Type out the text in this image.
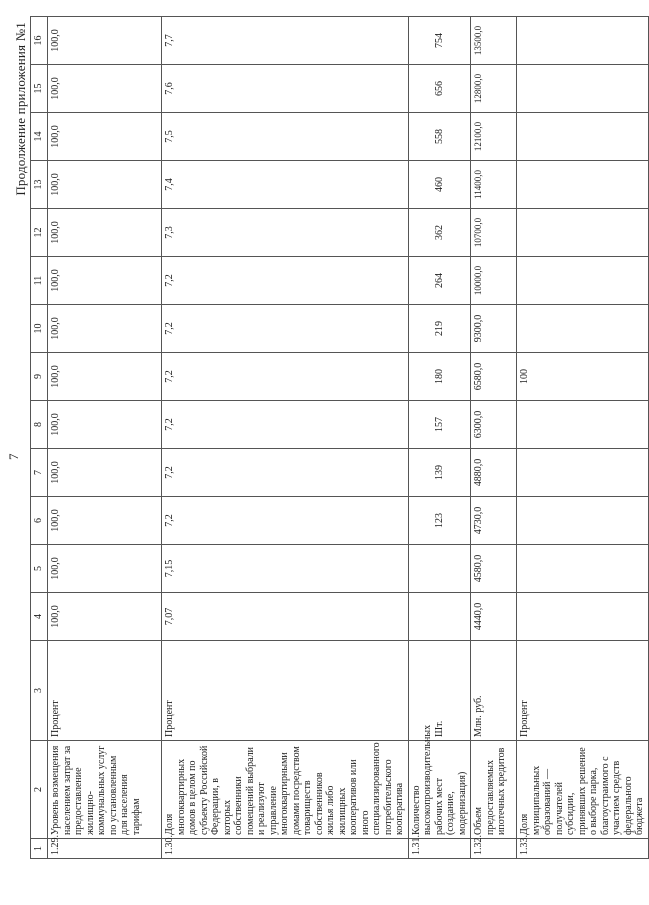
7
Продолжение приложения №1
1	2	3	4	5	6	7	8	9	10	11	12	13	14	15	16
1.29.	Уровень возмещения населением затрат за предоставление жилищно-коммунальных услуг по установленным для населения тарифам	Процент	100,0	100,0	100,0	100,0	100,0	100,0	100,0	100,0	100,0	100,0	100,0	100,0	100,0
1.30.	Доля многоквартирных домов в целом по субъекту Российской Федерации, в которых собственники помещений выбрали и реализуют управление многоквартирными домами посредством товариществ собственников жилья либо жилищных кооперативов или иного специализированного потребительского кооператива	Процент	7,07	7,15	7,2	7,2	7,2	7,2	7,2	7,2	7,3	7,4	7,5	7,6	7,7
1.31.	Количество высокопроизводительных рабочих мест (создание, модернизация)	Шт.			123	139	157	180	219	264	362	460	558	656	754
1.32.	Объем предоставляемых ипотечных кредитов	Млн. руб.	4440,0	4580,0	4730,0	4880,0	6300,0	6580,0	9300,0	10000,0	10700,0	11400,0	12100,0	12800,0	13500,0
1.33.	Доля муниципальных образований — получателей субсидии, принявших решение о выборе парка, благоустраимого с участием средств федерального бюджета	Процент						100							
